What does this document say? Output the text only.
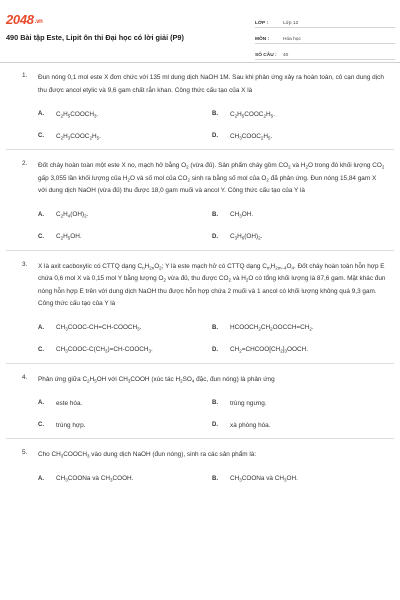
2048.vn
490 Bài tập Este, Lipit ôn thi Đại học có lời giải (P9)
LỚP :	Lớp 12
MÔN :	Hóa học
SỐ CÂU :	40
1. Đun nóng 0,1 mol este X đơn chức với 135 ml dung dịch NaOH 1M. Sau khi phản ứng xảy ra hoàn toàn, cô cạn dung dịch thu được ancol etylic và 9,6 gam chất rắn khan. Công thức cấu tạo của X là
A.	$C_2H_5COOCH_3$.	B.	$C_2H_5COOC_2H_5$.
C.	$C_2H_3COOC_2H_5$.	D.	$CH_3COOC_2H_5$.
2. Đốt cháy hoàn toàn một este X no, mạch hở bằng $O_2$ (vừa đủ). Sản phẩm cháy gồm $CO_2$ và $H_2O$ trong đó khối lượng $CO_2$ gấp 3,055 lần khối lượng của $H_2O$ và số mol của $CO_2$ sinh ra bằng số mol của $O_2$ đã phản ứng. Đun nóng 15,84 gam X với dung dịch NaOH (vừa đủ) thu được 18,0 gam muối và ancol Y. Công thức cấu tạo của Y là
A.	$C_2H_4(OH)_2$.	B.	$CH_3OH$.
C.	$C_2H_5OH$.	D.	$C_3H_6(OH)_2$.
3. X là axit cacboxylic có CTTQ dạng $C_nH_{2n}O_2$; Y là este mạch hở có CTTQ dạng $C_mH_{2m-4}O_4$. Đốt cháy hoàn toàn hỗn hợp E chứa 0,6 mol X và 0,15 mol Y bằng lượng $O_2$ vừa đủ, thu được $CO_2$ và $H_2O$ có tổng khối lượng là 87,6 gam. Mặt khác đun nóng hỗn hợp E trên với dung dịch NaOH thu được hỗn hợp chứa 2 muối và 1 ancol có khối lượng không quá 9,3 gam. Công thức cấu tạo của Y là
A.	$CH_3COOC-CH=CH-COOCH_3$.	B.	$HCOOCH_2CH_2OOCCH=CH_2$.
C.	$CH_3COOC-C(CH_3)=CH-COOCH_3$.	D.	$CH_2=CHCOO[CH_2]_3OOCH$.
4. Phản ứng giữa $C_2H_5OH$ với $CH_3COOH$ (xúc tác $H_2SO_4$ đặc, đun nóng) là phản ứng
A.	este hóa.	B.	trùng ngưng.
C.	trùng hợp.	D.	xà phòng hóa.
5. Cho $CH_3COOCH_3$ vào dung dịch NaOH (đun nóng), sinh ra các sản phẩm là:
A.	$CH_3COONa$ và $CH_3COOH$.	B.	$CH_3COONa$ và $CH_3OH$.
